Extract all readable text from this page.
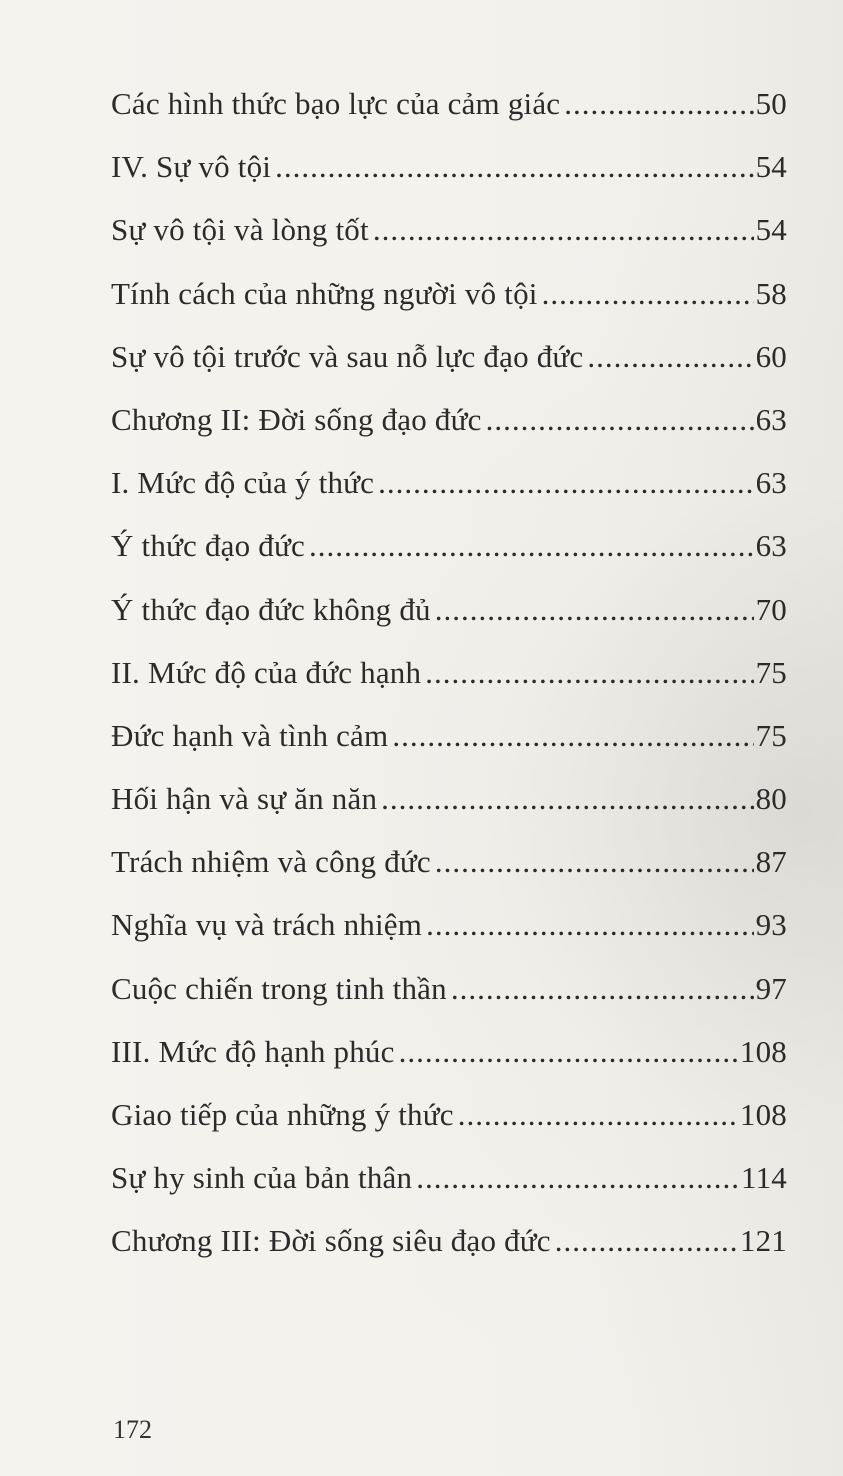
Các hình thức bạo lực của cảm giác .....	50
IV. Sự vô tội .....	54
Sự vô tội và lòng tốt .....	54
Tính cách của những người vô tội .....	58
Sự vô tội trước và sau nỗ lực đạo đức .....	60
Chương II: Đời sống đạo đức .....	63
I. Mức độ của ý thức .....	63
Ý thức đạo đức .....	63
Ý thức đạo đức không đủ .....	70
II. Mức độ của đức hạnh .....	75
Đức hạnh và tình cảm .....	75
Hối hận và sự ăn năn .....	80
Trách nhiệm và công đức .....	87
Nghĩa vụ và trách nhiệm .....	93
Cuộc chiến trong tinh thần .....	97
III. Mức độ hạnh phúc .....	108
Giao tiếp của những ý thức .....	108
Sự hy sinh của bản thân .....	114
Chương III: Đời sống siêu đạo đức .....	121
172
